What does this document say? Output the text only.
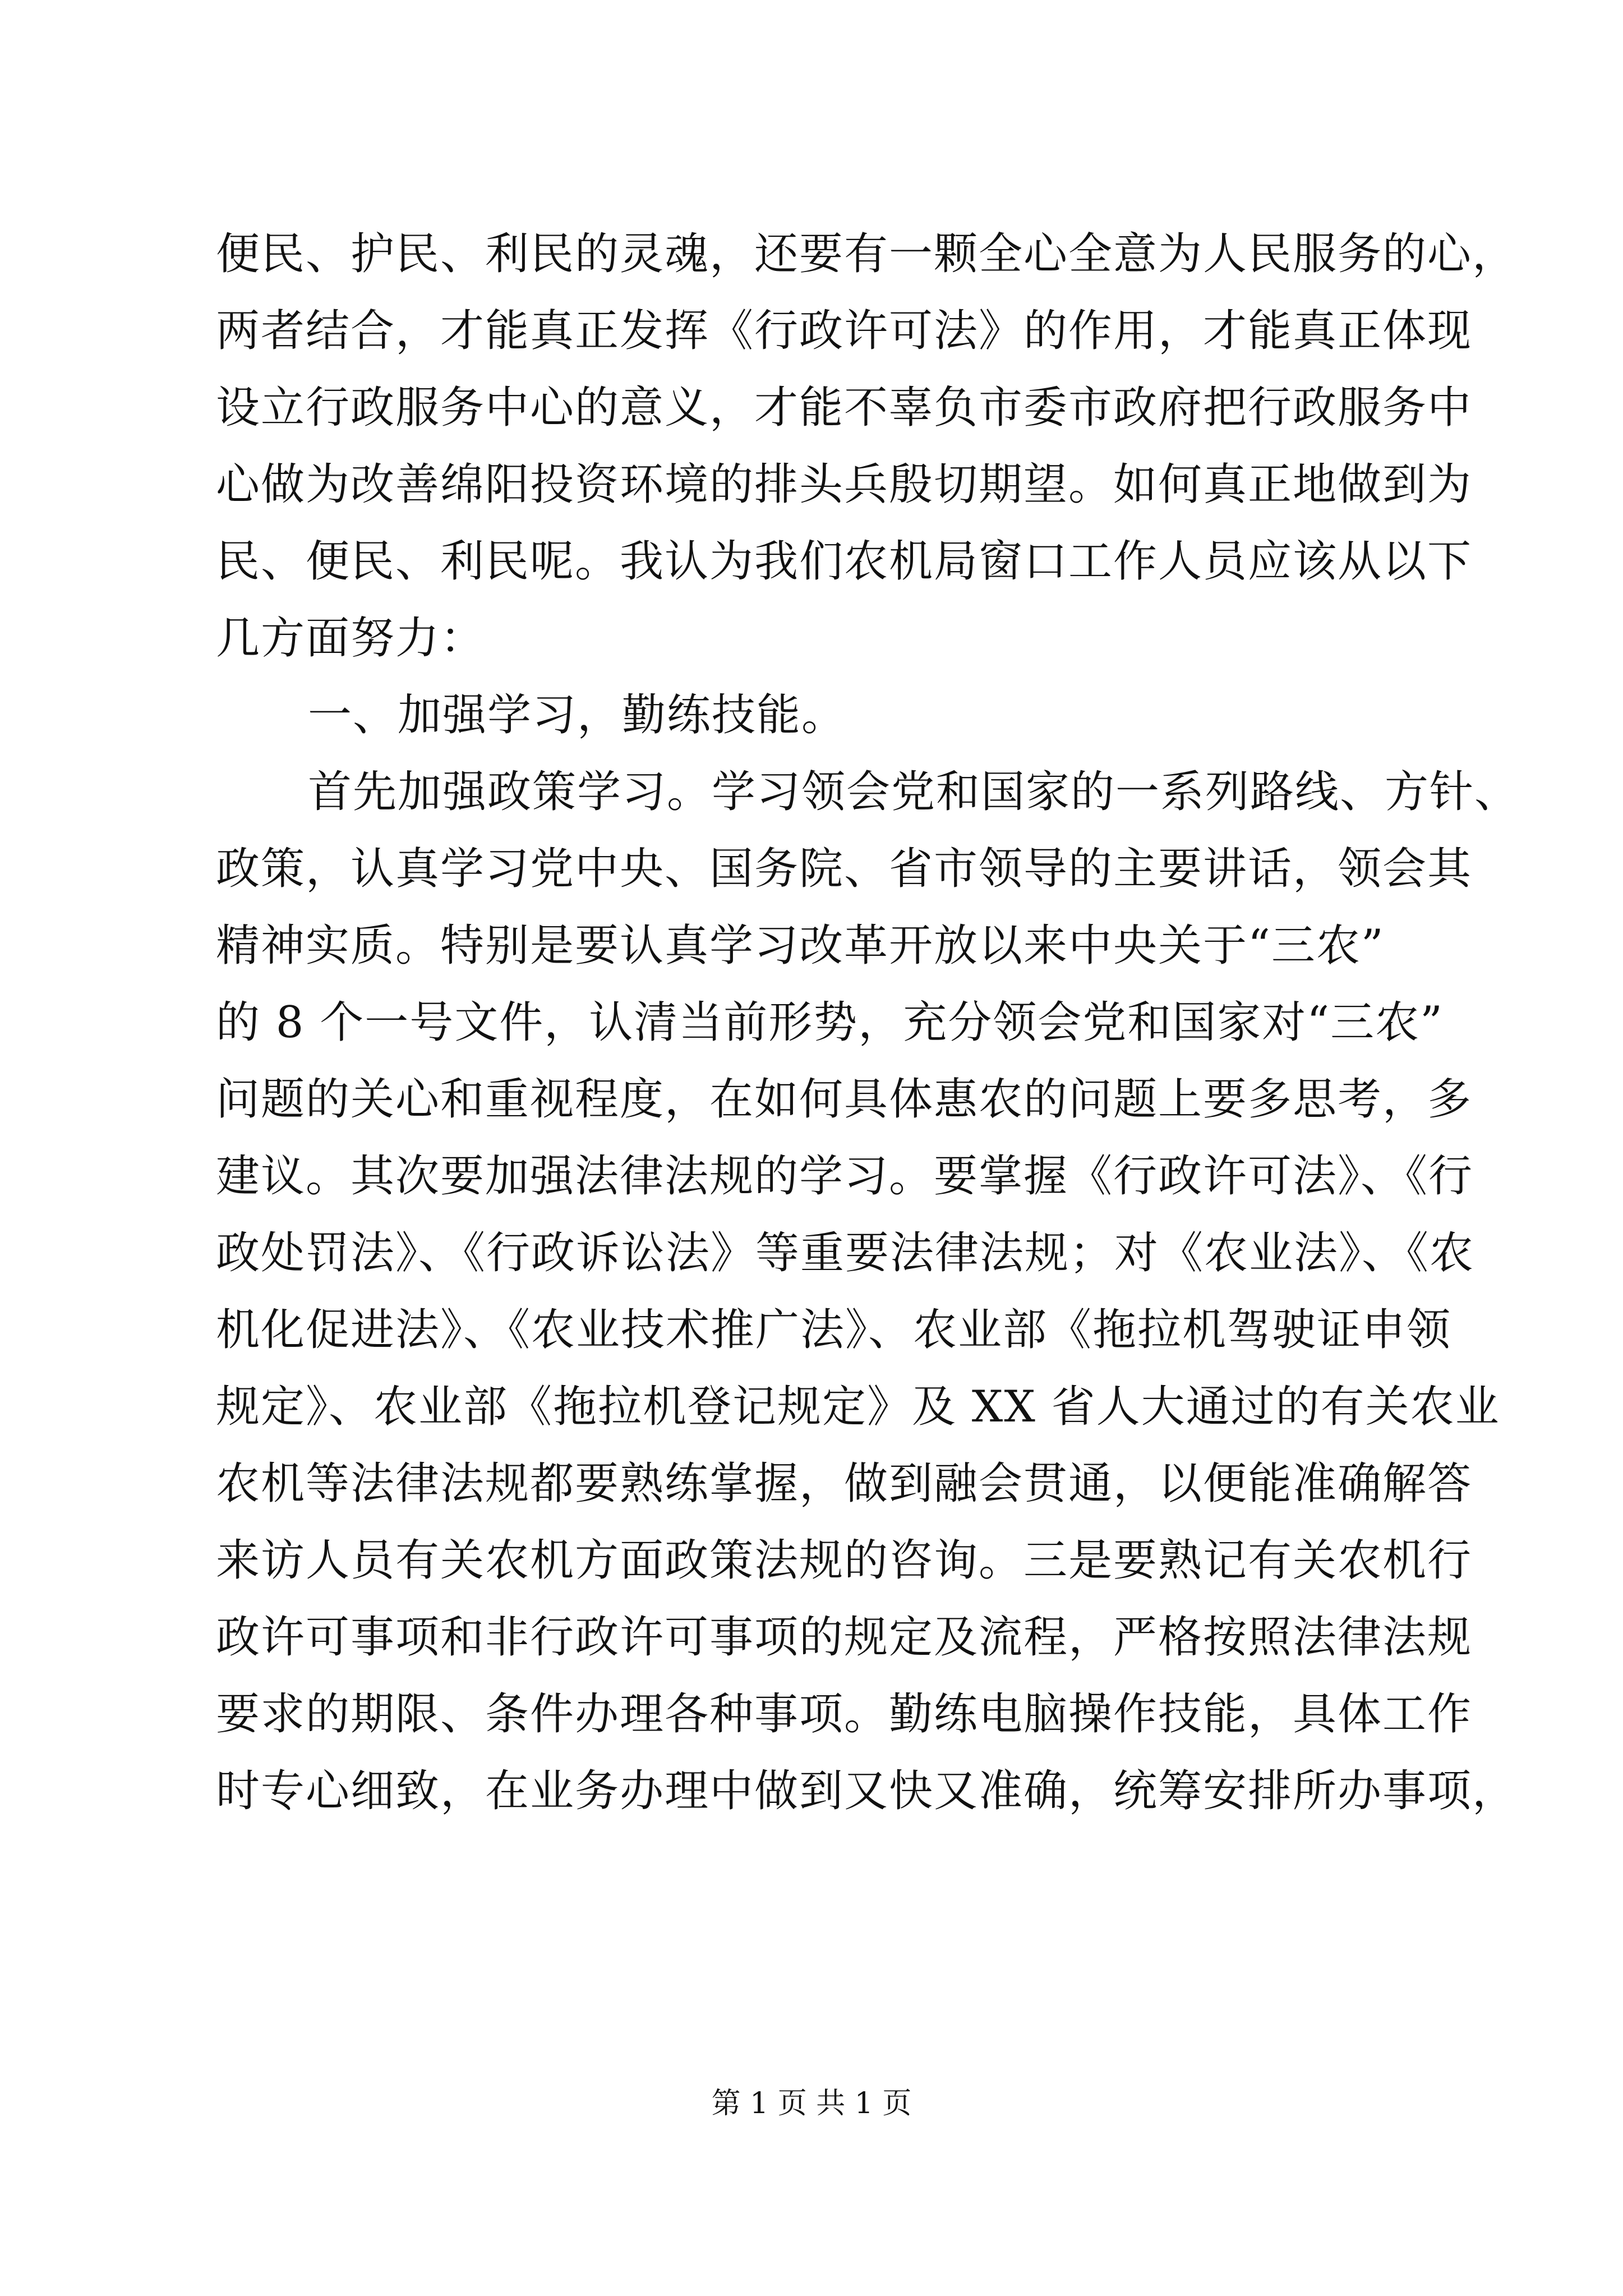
便民、护民、利民的灵魂，还要有一颗全心全意为人民服务的心，
两者结合，才能真正发挥《行政许可法》的作用，才能真正体现
设立行政服务中心的意义，才能不辜负市委市政府把行政服务中
心做为改善绵阳投资环境的排头兵殷切期望。如何真正地做到为
民、便民、利民呢。我认为我们农机局窗口工作人员应该从以下
几方面努力：
一、加强学习，勤练技能。
首先加强政策学习。学习领会党和国家的一系列路线、方针、
政策，认真学习党中央、国务院、省市领导的主要讲话，领会其
精神实质。特别是要认真学习改革开放以来中央关于“三农”
的 8 个一号文件，认清当前形势，充分领会党和国家对“三农”
问题的关心和重视程度，在如何具体惠农的问题上要多思考，多
建议。其次要加强法律法规的学习。要掌握《行政许可法》、《行
政处罚法》、《行政诉讼法》等重要法律法规；对《农业法》、《农
机化促进法》、《农业技术推广法》、农业部《拖拉机驾驶证申领
规定》、农业部《拖拉机登记规定》及 XX 省人大通过的有关农业
农机等法律法规都要熟练掌握，做到融会贯通，以便能准确解答
来访人员有关农机方面政策法规的咨询。三是要熟记有关农机行
政许可事项和非行政许可事项的规定及流程，严格按照法律法规
要求的期限、条件办理各种事项。勤练电脑操作技能，具体工作
时专心细致，在业务办理中做到又快又准确，统筹安排所办事项，
第 1 页 共 1 页
